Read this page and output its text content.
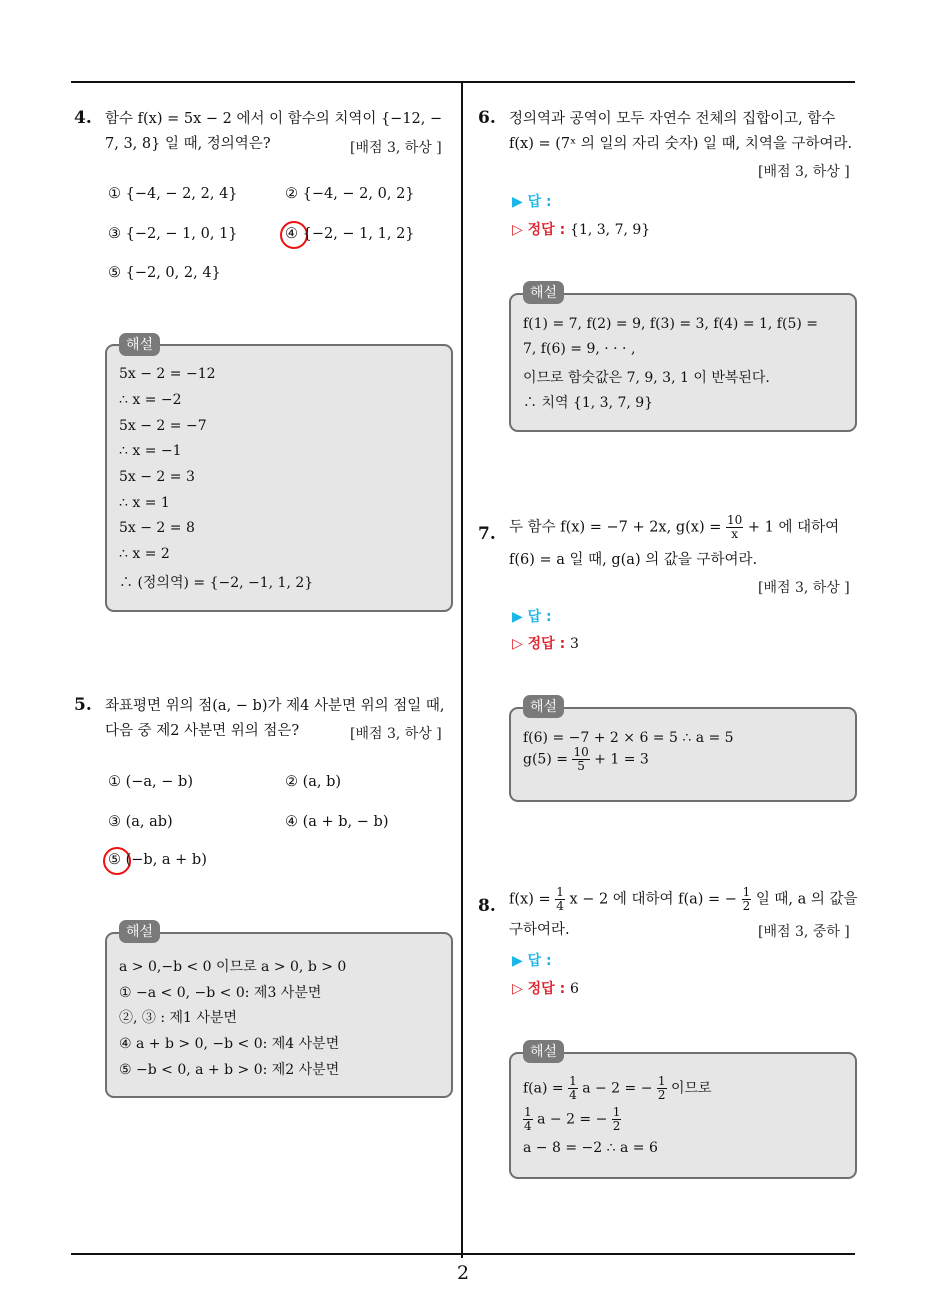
2
4. 함수 f(x) = 5x − 2 에서 이 함수의 치역이 {−12, −
7, 3, 8} 일 때, 정의역은?	[배점 3, 하상 ]
① {−4, − 2, 2, 4}	② {−4, − 2, 0, 2}
③ {−2, − 1, 0, 1}	④ {−2, − 1, 1, 2}
⑤ {−2, 0, 2, 4}
해설
5x − 2 = −12
∴ x = −2
5x − 2 = −7
∴ x = −1
5x − 2 = 3
∴ x = 1
5x − 2 = 8
∴ x = 2
∴ (정의역) = {−2, −1, 1, 2}
5. 좌표평면 위의 점(a, − b)가 제4 사분면 위의 점일 때,
다음 중 제2 사분면 위의 점은?	[배점 3, 하상 ]
① (−a, − b)	② (a, b)
③ (a, ab)	④ (a + b, − b)
⑤ (−b, a + b)
해설
a > 0,−b < 0 이므로 a > 0, b > 0
① −a < 0, −b < 0: 제3 사분면
②, ③ : 제1 사분면
④ a + b > 0, −b < 0: 제4 사분면
⑤ −b < 0, a + b > 0: 제2 사분면
6. 정의역과 공역이 모두 자연수 전체의 집합이고, 함수
f(x) = (7ˣ 의 일의 자리 숫자) 일 때, 치역을 구하여라.
[배점 3, 하상 ]
▶ 답 :
▷ 정답 : {1, 3, 7, 9}
해설
f(1) = 7, f(2) = 9, f(3) = 3, f(4) = 1, f(5) =
7, f(6) = 9, · · · ,
이므로 함숫값은 7, 9, 3, 1 이 반복된다.
∴ 치역 {1, 3, 7, 9}
7. 두 함수 f(x) = −7 + 2x, $g(x) = \frac{10}{x} + 1$ 에 대하여
f(6) = a 일 때, g(a) 의 값을 구하여라.
[배점 3, 하상 ]
▶ 답 :
▷ 정답 : 3
해설
f(6) = −7 + 2 × 6 = 5 ∴ a = 5
$g(5) = \frac{10}{5} + 1 = 3$
8. $f(x) = \frac{1}{4}$ x − 2 에 대하여 f(a) = − $\frac{1}{2}$ 일 때, a 의 값을
구하여라.	[배점 3, 중하 ]
▶ 답 :
▷ 정답 : 6
해설
$f(a) = \frac{1}{4}$ a − 2 = − $\frac{1}{2}$ 이므로
$\frac{1}{4}$ a − 2 = − $\frac{1}{2}$
a − 8 = −2 ∴ a = 6
